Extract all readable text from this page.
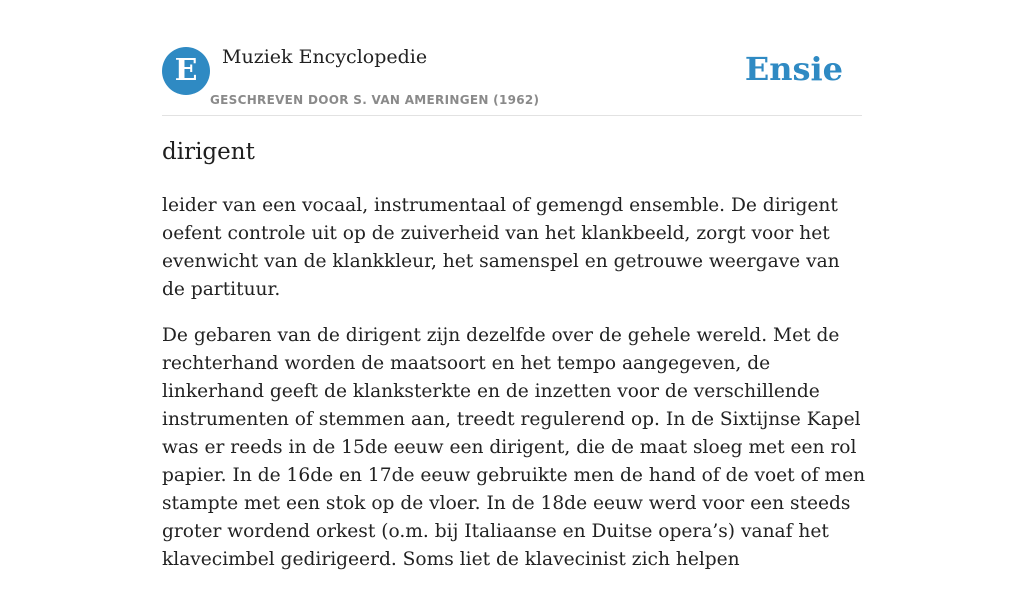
E	Muziek Encyclopedie
GESCHREVEN DOOR S. VAN AMERINGEN (1962)
Ensie
dirigent

leider van een vocaal, instrumentaal of gemengd ensemble. De dirigent oefent controle uit op de zuiverheid van het klankbeeld, zorgt voor het evenwicht van de klankkleur, het samenspel en getrouwe weergave van de partituur.

De gebaren van de dirigent zijn dezelfde over de gehele wereld. Met de rechterhand worden de maatsoort en het tempo aangegeven, de linkerhand geeft de klanksterkte en de inzetten voor de verschillende instrumenten of stemmen aan, treedt regulerend op. In de Sixtijnse Kapel was er reeds in de 15de eeuw een dirigent, die de maat sloeg met een rol papier. In de 16de en 17de eeuw gebruikte men de hand of de voet of men stampte met een stok op de vloer. In de 18de eeuw werd voor een steeds groter wordend orkest (o.m. bij Italiaanse en Duitse opera’s) vanaf het klavecimbel gedirigeerd. Soms liet de klavecinist zich helpen
